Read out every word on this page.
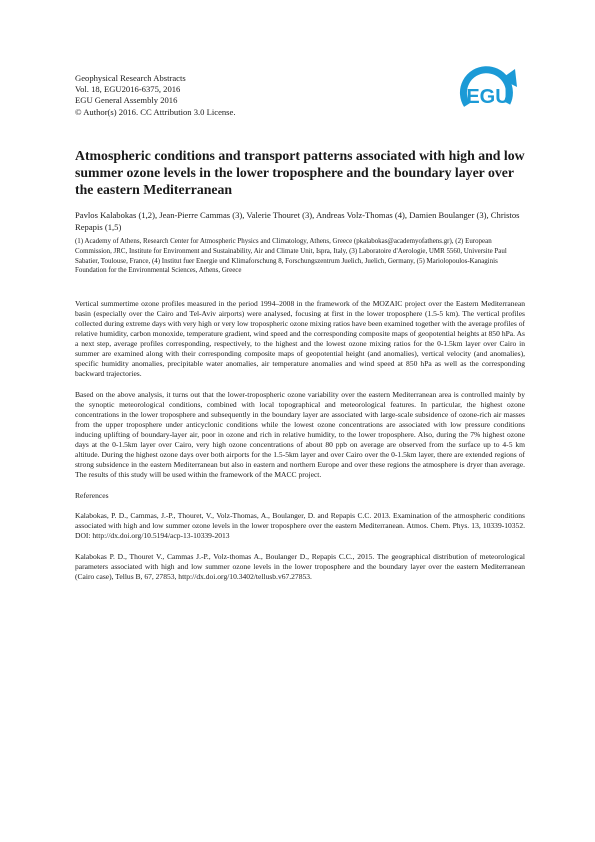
Geophysical Research Abstracts
Vol. 18, EGU2016-6375, 2016
EGU General Assembly 2016
© Author(s) 2016. CC Attribution 3.0 License.
EGU
Atmospheric conditions and transport patterns associated with high and low summer ozone levels in the lower troposphere and the boundary layer over the eastern Mediterranean
Pavlos Kalabokas (1,2), Jean-Pierre Cammas (3), Valerie Thouret (3), Andreas Volz-Thomas (4), Damien Boulanger (3), Christos Repapis (1,5)
(1) Academy of Athens, Research Center for Atmospheric Physics and Climatology, Athens, Greece (pkalabokas@academyofathens.gr), (2) European Commission, JRC, Institute for Environment and Sustainability, Air and Climate Unit, Ispra, Italy, (3) Laboratoire d'Aerologie, UMR 5560, Universite Paul Sabatier, Toulouse, France, (4) Institut fuer Energie und Klimaforschung 8, Forschungszentrum Juelich, Juelich, Germany, (5) Mariolopoulos-Kanaginis Foundation for the Environmental Sciences, Athens, Greece

Vertical summertime ozone profiles measured in the period 1994–2008 in the framework of the MOZAIC project over the Eastern Mediterranean basin (especially over the Cairo and Tel-Aviv airports) were analysed, focusing at first in the lower troposphere (1.5-5 km). The vertical profiles collected during extreme days with very high or very low tropospheric ozone mixing ratios have been examined together with the average profiles of relative humidity, carbon monoxide, temperature gradient, wind speed and the corresponding composite maps of geopotential heights at 850 hPa. As a next step, average profiles corresponding, respectively, to the highest and the lowest ozone mixing ratios for the 0-1.5km layer over Cairo in summer are examined along with their corresponding composite maps of geopotential height (and anomalies), vertical velocity (and anomalies), specific humidity anomalies, precipitable water anomalies, air temperature anomalies and wind speed at 850 hPa as well as the corresponding backward trajectories.

Based on the above analysis, it turns out that the lower-tropospheric ozone variability over the eastern Mediterranean area is controlled mainly by the synoptic meteorological conditions, combined with local topographical and meteorological features. In particular, the highest ozone concentrations in the lower troposphere and subsequently in the boundary layer are associated with large-scale subsidence of ozone-rich air masses from the upper troposphere under anticyclonic conditions while the lowest ozone concentrations are associated with low pressure conditions inducing uplifting of boundary-layer air, poor in ozone and rich in relative humidity, to the lower troposphere. Also, during the 7% highest ozone days at the 0-1.5km layer over Cairo, very high ozone concentrations of about 80 ppb on average are observed from the surface up to 4-5 km altitude. During the highest ozone days over both airports for the 1.5-5km layer and over Cairo over the 0-1.5km layer, there are extended regions of strong subsidence in the eastern Mediterranean but also in eastern and northern Europe and over these regions the atmosphere is dryer than average. The results of this study will be used within the framework of the MACC project.

References

Kalabokas, P. D., Cammas, J.-P., Thouret, V., Volz-Thomas, A., Boulanger, D. and Repapis C.C. 2013. Examination of the atmospheric conditions associated with high and low summer ozone levels in the lower troposphere over the eastern Mediterranean. Atmos. Chem. Phys. 13, 10339-10352. DOI: http://dx.doi.org/10.5194/acp-13-10339-2013

Kalabokas P. D., Thouret V., Cammas J.-P., Volz-thomas A., Boulanger D., Repapis C.C., 2015. The geographical distribution of meteorological parameters associated with high and low summer ozone levels in the lower troposphere and the boundary layer over the eastern Mediterranean (Cairo case), Tellus B, 67, 27853, http://dx.doi.org/10.3402/tellusb.v67.27853.
